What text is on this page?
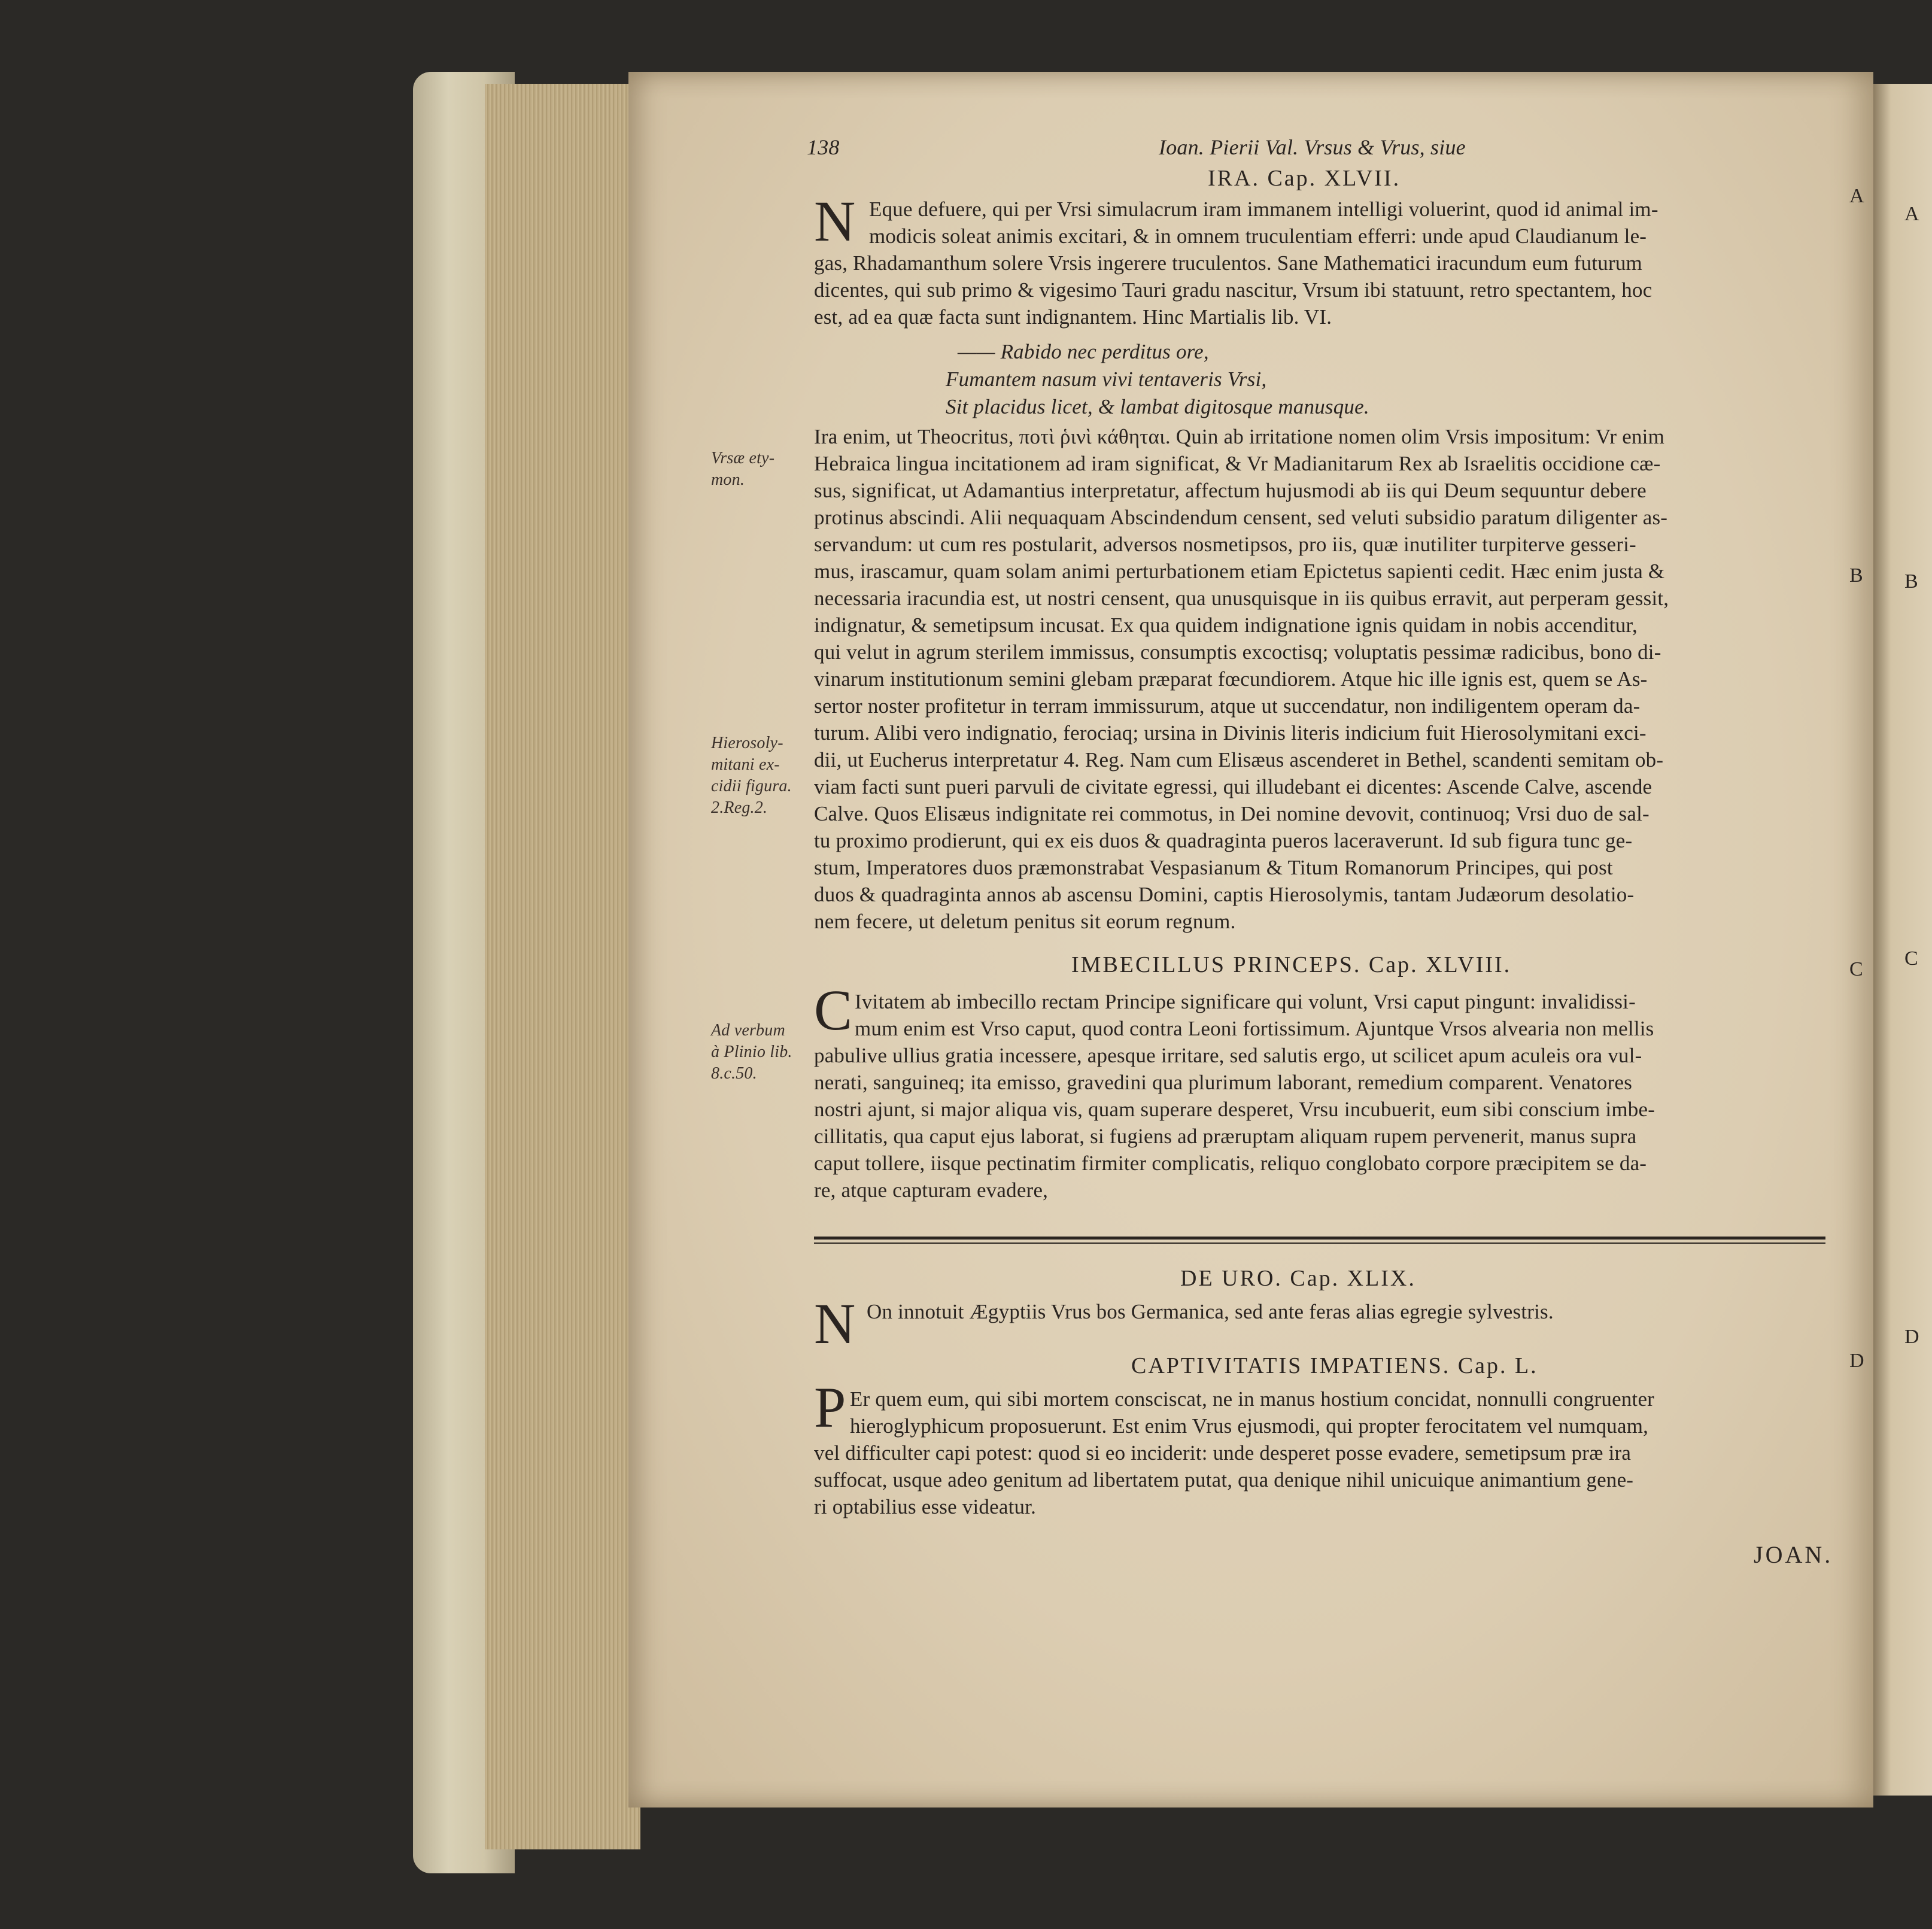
138	Ioan. Pierii Val. Vrsus & Vrus, siue

IRA. Cap. XLVII.

N Eque defuere, qui per Vrsi simulacrum iram immanem intelligi voluerint, quod id animal im-

modicis soleat animis excitari, & in omnem truculentiam efferri: unde apud Claudianum le-

gas, Rhadamanthum solere Vrsis ingerere truculentos. Sane Mathematici iracundum eum futurum

dicentes, qui sub primo & vigesimo Tauri gradu nascitur, Vrsum ibi statuunt, retro spectantem, hoc

est, ad ea quæ facta sunt indignantem. Hinc Martialis lib. VI.

—— Rabido nec perditus ore,

Fumantem nasum vivi tentaveris Vrsi,

Sit placidus licet, & lambat digitosque manusque.

Ira enim, ut Theocritus, ποτὶ ῥινὶ κάθηται. Quin ab irritatione nomen olim Vrsis impositum: Vr enim

Hebraica lingua incitationem ad iram significat, & Vr Madianitarum Rex ab Israelitis occidione cæ-

sus, significat, ut Adamantius interpretatur, affectum hujusmodi ab iis qui Deum sequuntur debere

protinus abscindi. Alii nequaquam Abscindendum censent, sed veluti subsidio paratum diligenter as-

servandum: ut cum res postularit, adversos nosmetipsos, pro iis, quæ inutiliter turpiterve gesseri-

mus, irascamur, quam solam animi perturbationem etiam Epictetus sapienti cedit. Hæc enim justa &

necessaria iracundia est, ut nostri censent, qua unusquisque in iis quibus erravit, aut perperam gessit,

indignatur, & semetipsum incusat. Ex qua quidem indignatione ignis quidam in nobis accenditur,

qui velut in agrum sterilem immissus, consumptis excoctisq; voluptatis pessimæ radicibus, bono di-

vinarum institutionum semini glebam præparat fœcundiorem. Atque hic ille ignis est, quem se As-

sertor noster profitetur in terram immissurum, atque ut succendatur, non indiligentem operam da-

turum. Alibi vero indignatio, ferociaq; ursina in Divinis literis indicium fuit Hierosolymitani exci-

dii, ut Eucherus interpretatur 4. Reg. Nam cum Elisæus ascenderet in Bethel, scandenti semitam ob-

viam facti sunt pueri parvuli de civitate egressi, qui illudebant ei dicentes: Ascende Calve, ascende

Calve. Quos Elisæus indignitate rei commotus, in Dei nomine devovit, continuoq; Vrsi duo de sal-

tu proximo prodierunt, qui ex eis duos & quadraginta pueros laceraverunt. Id sub figura tunc ge-

stum, Imperatores duos præmonstrabat Vespasianum & Titum Romanorum Principes, qui post

duos & quadraginta annos ab ascensu Domini, captis Hierosolymis, tantam Judæorum desolatio-

nem fecere, ut deletum penitus sit eorum regnum.

IMBECILLUS PRINCEPS. Cap. XLVIII.

C Ivitatem ab imbecillo rectam Principe significare qui volunt, Vrsi caput pingunt: invalidissi-

mum enim est Vrso caput, quod contra Leoni fortissimum. Ajuntque Vrsos alvearia non mellis

pabulive ullius gratia incessere, apesque irritare, sed salutis ergo, ut scilicet apum aculeis ora vul-

nerati, sanguineq; ita emisso, gravedini qua plurimum laborant, remedium comparent. Venatores

nostri ajunt, si major aliqua vis, quam superare desperet, Vrsu incubuerit, eum sibi conscium imbe-

cillitatis, qua caput ejus laborat, si fugiens ad præruptam aliquam rupem pervenerit, manus supra

caput tollere, iisque pectinatim firmiter complicatis, reliquo conglobato corpore præcipitem se da-

re, atque capturam evadere,

DE URO. Cap. XLIX.

N On innotuit Ægyptiis Vrus bos Germanica, sed ante feras alias egregie sylvestris.

CAPTIVITATIS IMPATIENS. Cap. L.

P Er quem eum, qui sibi mortem consciscat, ne in manus hostium concidat, nonnulli congruenter

hieroglyphicum proposuerunt. Est enim Vrus ejusmodi, qui propter ferocitatem vel numquam,

vel difficulter capi potest: quod si eo inciderit: unde desperet posse evadere, semetipsum præ ira

suffocat, usque adeo genitum ad libertatem putat, qua denique nihil unicuique animantium gene-

ri optabilius esse videatur.

JOAN.

Vrsæ ety-

mon.

Hierosoly-

mitani ex-

cidii figura.

2.Reg.2.

Ad verbum

à Plinio lib.

8.c.50.

A

B

C

D

A

B

C

D
